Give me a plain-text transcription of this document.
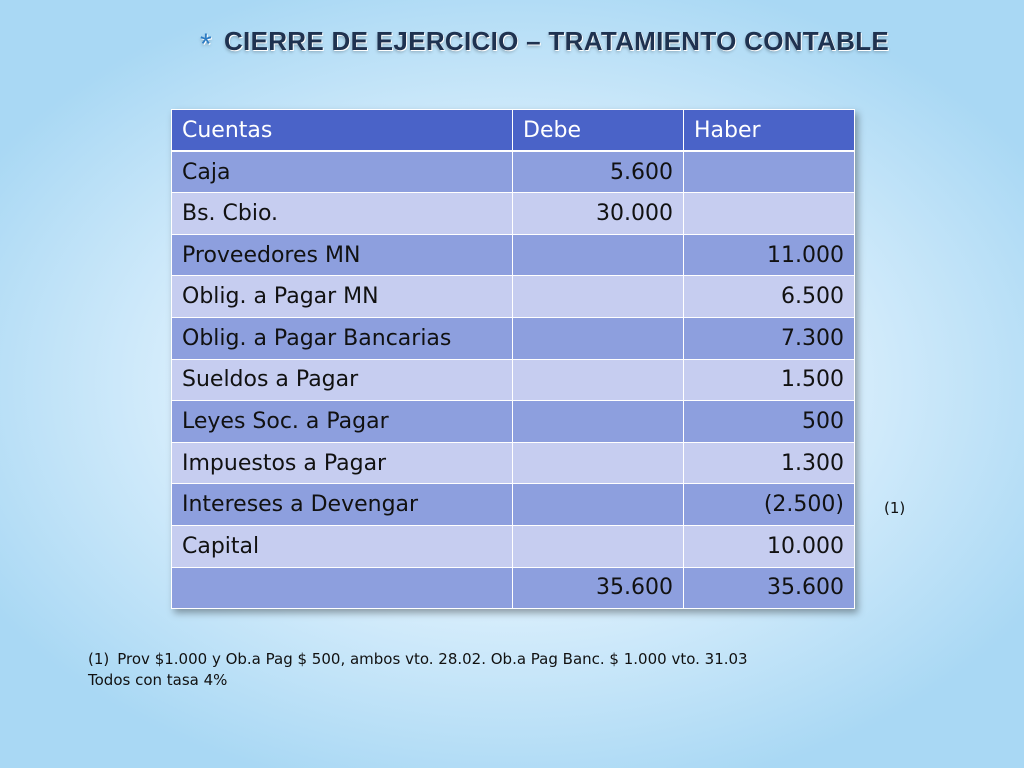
* CIERRE DE EJERCICIO – TRATAMIENTO CONTABLE
Cuentas	Debe	Haber
Caja	5.600	
Bs. Cbio.	30.000	
Proveedores MN		11.000
Oblig. a Pagar MN		6.500
Oblig. a Pagar Bancarias		7.300
Sueldos a Pagar		1.500
Leyes Soc. a Pagar		500
Impuestos a Pagar		1.300
Intereses a Devengar		(2.500)
Capital		10.000
	35.600	35.600
(1)
(1) Prov $1.000 y Ob.a Pag $ 500, ambos vto. 28.02. Ob.a Pag Banc. $ 1.000 vto. 31.03
Todos con tasa 4%
